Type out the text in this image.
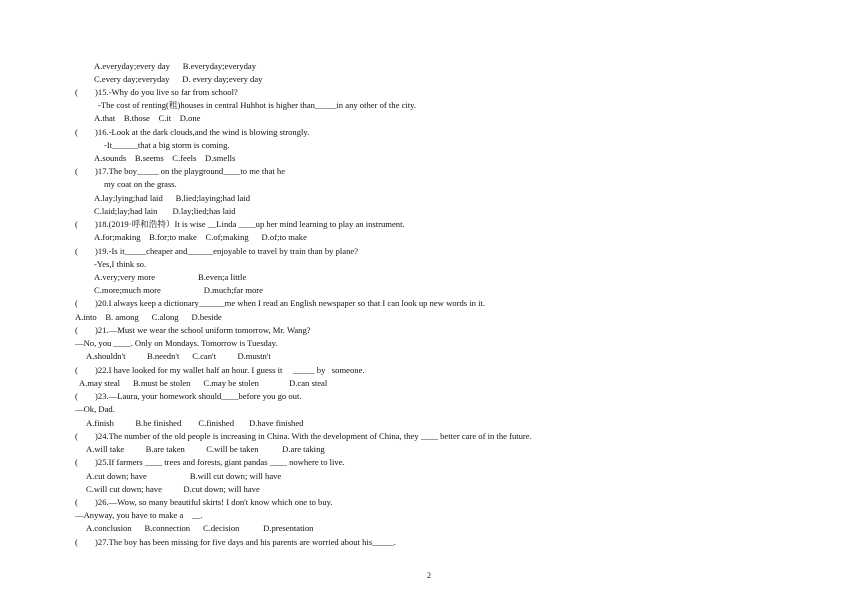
A.everyday;every day      B.everyday;everyday
C.every day;everyday      D. every day;every day
(        )15.-Why do you live so far from school?
-The cost of renting(租)houses in central Huhhot is higher than_____in any other of the city.
A.that    B.those    C.it    D.one
(        )16.-Look at the dark clouds,and the wind is blowing strongly.
-It______that a big storm is coming.
A.sounds    B.seems    C.feels    D.smells
(        )17.The boy_____ on the playground____to me that he
my coat on the grass.
A.lay;lying;had laid      B.lied;laying;had laid
C.laid;lay;had lain       D.lay;lied;has laid
(        )18.(2019·呼和浩特）It is wise __Linda ____up her mind learning to play an instrument.
A.for;making    B.for;to make    C.of;making      D.of;to make
(        )19.-Is it_____cheaper and______enjoyable to travel by train than by plane?
-Yes,I think so.
A.very;very more                    B.even;a little
C.more;much more                    D.much;far more
(        )20.I always keep a dictionary______me when I read an English newspaper so that I can look up new words in it.
A.into    B. among      C.along      D.beside
(        )21.—Must we wear the school uniform tomorrow, Mr. Wang?
—No, you ____. Only on Mondays. Tomorrow is Tuesday.
A.shouldn't          B.needn't      C.can't          D.mustn't
(        )22.I have looked for my wallet half an hour. I guess it     _____ by   someone.
A.may steal      B.must be stolen      C.may be stolen              D.can steal
(        )23.—Laura, your homework should____before you go out.
—Ok, Dad.
A.finish          B.be finished        C.finished       D.have finished
(        )24.The number of the old people is increasing in China. With the development of China, they ____ better care of in the future.
A.will take          B.are taken          C.will be taken           D.are taking
(        )25.If farmers ____ trees and forests, giant pandas ____ nowhere to live.
A.cut down; have                    B.will cut down; will have
C.will cut down; have          D.cut down; will have
(        )26.—Wow, so many beautiful skirts! I don't know which one to buy.
—Anyway, you have to make a    __.
A.conclusion      B.connection      C.decision           D.presentation
(        )27.The boy has been missing for five days and his parents are worried about his_____.
2
